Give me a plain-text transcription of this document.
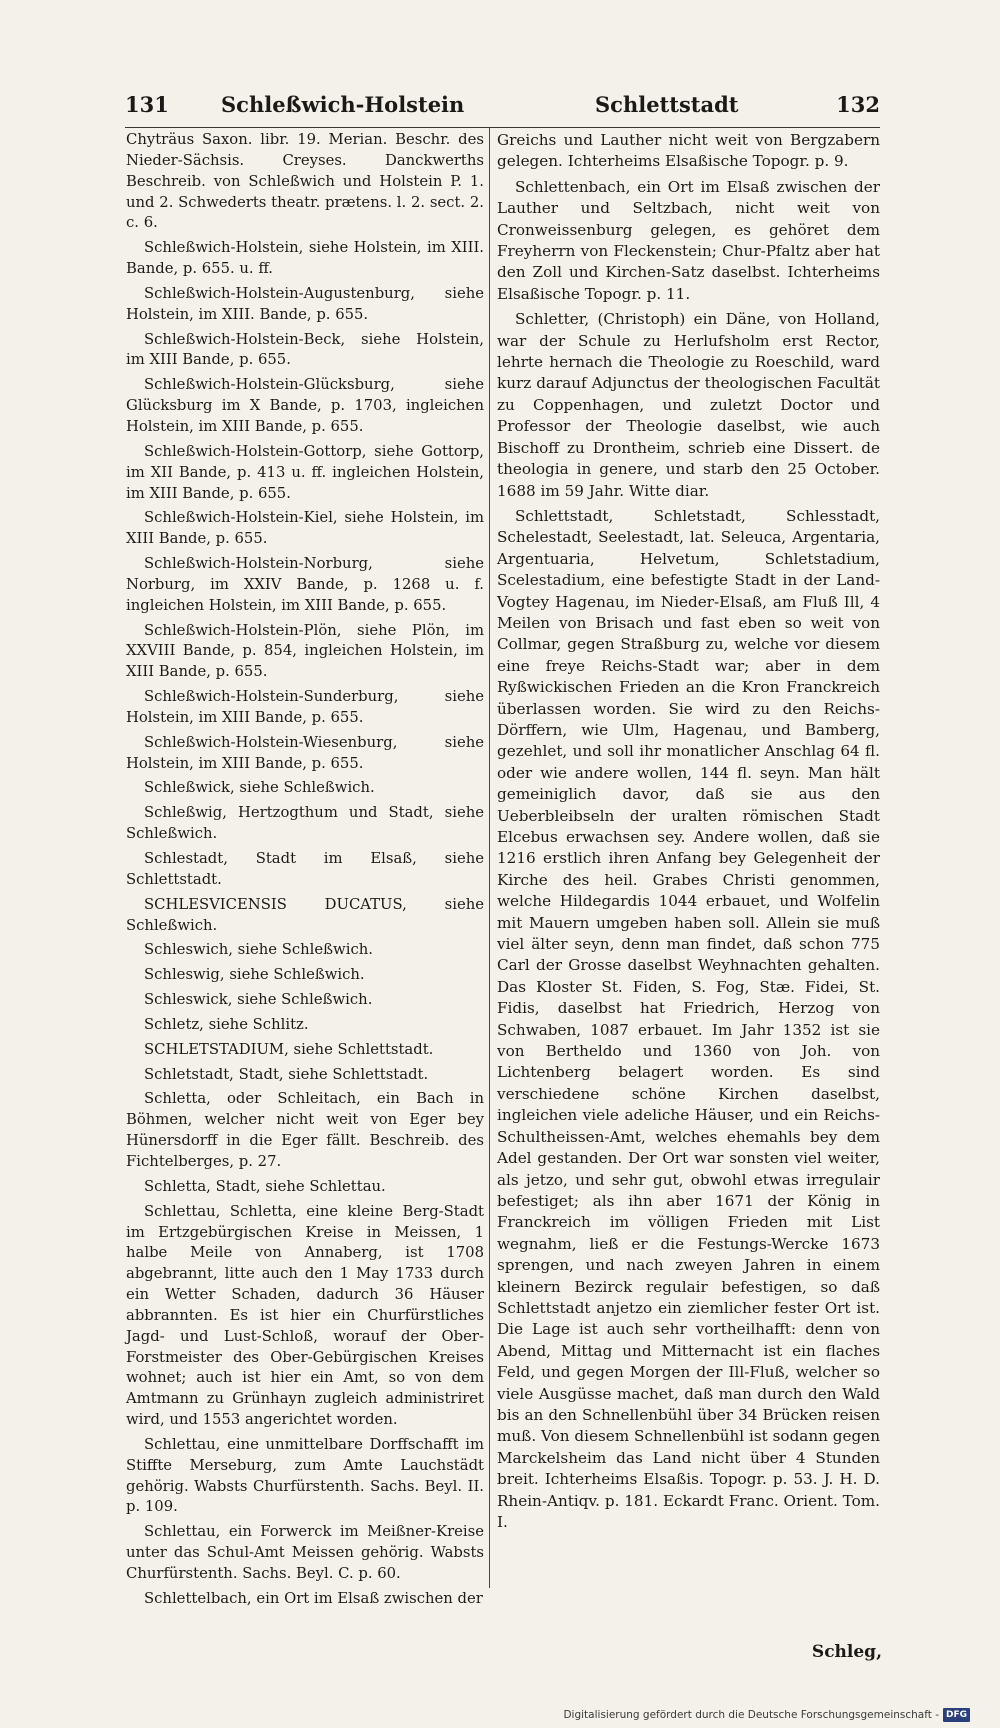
131 Schleßwich-Holstein	Schlettstadt	132

Chyträus Saxon. libr. 19. Merian. Beschr. des Nieder-Sächsis. Creyses. Danckwerths Beschreib. von Schleßwich und Holstein P. 1. und 2. Schwederts theatr. prætens. l. 2. sect. 2. c. 6.

Schleßwich-Holstein, siehe Holstein, im XIII. Bande, p. 655. u. ff.

Schleßwich-Holstein-Augustenburg, siehe Holstein, im XIII. Bande, p. 655.

Schleßwich-Holstein-Beck, siehe Holstein, im XIII Bande, p. 655.

Schleßwich-Holstein-Glücksburg, siehe Glücksburg im X Bande, p. 1703, ingleichen Holstein, im XIII Bande, p. 655.

Schleßwich-Holstein-Gottorp, siehe Gottorp, im XII Bande, p. 413 u. ff. ingleichen Holstein, im XIII Bande, p. 655.

Schleßwich-Holstein-Kiel, siehe Holstein, im XIII Bande, p. 655.

Schleßwich-Holstein-Norburg, siehe Norburg, im XXIV Bande, p. 1268 u. f. ingleichen Holstein, im XIII Bande, p. 655.

Schleßwich-Holstein-Plön, siehe Plön, im XXVIII Bande, p. 854, ingleichen Holstein, im XIII Bande, p. 655.

Schleßwich-Holstein-Sunderburg, siehe Holstein, im XIII Bande, p. 655.

Schleßwich-Holstein-Wiesenburg, siehe Holstein, im XIII Bande, p. 655.

Schleßwick, siehe Schleßwich.

Schleßwig, Hertzogthum und Stadt, siehe Schleßwich.

Schlestadt, Stadt im Elsaß, siehe Schlettstadt.

SCHLESVICENSIS DUCATUS, siehe Schleßwich.

Schleswich, siehe Schleßwich.

Schleswig, siehe Schleßwich.

Schleswick, siehe Schleßwich.

Schletz, siehe Schlitz.

SCHLETSTADIUM, siehe Schlettstadt.

Schletstadt, Stadt, siehe Schlettstadt.

Schletta, oder Schleitach, ein Bach in Böhmen, welcher nicht weit von Eger bey Hünersdorff in die Eger fällt. Beschreib. des Fichtelberges, p. 27.

Schletta, Stadt, siehe Schlettau.

Schlettau, Schletta, eine kleine Berg-Stadt im Ertzgebürgischen Kreise in Meissen, 1 halbe Meile von Annaberg, ist 1708 abgebrannt, litte auch den 1 May 1733 durch ein Wetter Schaden, dadurch 36 Häuser abbrannten. Es ist hier ein Churfürstliches Jagd- und Lust-Schloß, worauf der Ober-Forstmeister des Ober-Gebürgischen Kreises wohnet; auch ist hier ein Amt, so von dem Amtmann zu Grünhayn zugleich administriret wird, und 1553 angerichtet worden.

Schlettau, eine unmittelbare Dorffschafft im Stiffte Merseburg, zum Amte Lauchstädt gehörig. Wabsts Churfürstenth. Sachs. Beyl. II. p. 109.

Schlettau, ein Forwerck im Meißner-Kreise unter das Schul-Amt Meissen gehörig. Wabsts Churfürstenth. Sachs. Beyl. C. p. 60.

Schlettelbach, ein Ort im Elsaß zwischen der

Greichs und Lauther nicht weit von Bergzabern gelegen. Ichterheims Elsaßische Topogr. p. 9.

Schlettenbach, ein Ort im Elsaß zwischen der Lauther und Seltzbach, nicht weit von Cronweissenburg gelegen, es gehöret dem Freyherrn von Fleckenstein; Chur-Pfaltz aber hat den Zoll und Kirchen-Satz daselbst. Ichterheims Elsaßische Topogr. p. 11.

Schletter, (Christoph) ein Däne, von Holland, war der Schule zu Herlufsholm erst Rector, lehrte hernach die Theologie zu Roeschild, ward kurz darauf Adjunctus der theologischen Facultät zu Coppenhagen, und zuletzt Doctor und Professor der Theologie daselbst, wie auch Bischoff zu Drontheim, schrieb eine Dissert. de theologia in genere, und starb den 25 October. 1688 im 59 Jahr. Witte diar.

Schlettstadt, Schletstadt, Schlesstadt, Schelestadt, Seelestadt, lat. Seleuca, Argentaria, Argentuaria, Helvetum, Schletstadium, Scelestadium, eine befestigte Stadt in der Land-Vogtey Hagenau, im Nieder-Elsaß, am Fluß Ill, 4 Meilen von Brisach und fast eben so weit von Collmar, gegen Straßburg zu, welche vor diesem eine freye Reichs-Stadt war; aber in dem Ryßwickischen Frieden an die Kron Franckreich überlassen worden. Sie wird zu den Reichs-Dörffern, wie Ulm, Hagenau, und Bamberg, gezehlet, und soll ihr monatlicher Anschlag 64 fl. oder wie andere wollen, 144 fl. seyn. Man hält gemeiniglich davor, daß sie aus den Ueberbleibseln der uralten römischen Stadt Elcebus erwachsen sey. Andere wollen, daß sie 1216 erstlich ihren Anfang bey Gelegenheit der Kirche des heil. Grabes Christi genommen, welche Hildegardis 1044 erbauet, und Wolfelin mit Mauern umgeben haben soll. Allein sie muß viel älter seyn, denn man findet, daß schon 775 Carl der Grosse daselbst Weyhnachten gehalten. Das Kloster St. Fiden, S. Fog, Stæ. Fidei, St. Fidis, daselbst hat Friedrich, Herzog von Schwaben, 1087 erbauet. Im Jahr 1352 ist sie von Bertheldo und 1360 von Joh. von Lichtenberg belagert worden. Es sind verschiedene schöne Kirchen daselbst, ingleichen viele adeliche Häuser, und ein Reichs-Schultheissen-Amt, welches ehemahls bey dem Adel gestanden. Der Ort war sonsten viel weiter, als jetzo, und sehr gut, obwohl etwas irregulair befestiget; als ihn aber 1671 der König in Franckreich im völligen Frieden mit List wegnahm, ließ er die Festungs-Wercke 1673 sprengen, und nach zweyen Jahren in einem kleinern Bezirck regulair befestigen, so daß Schlettstadt anjetzo ein ziemlicher fester Ort ist. Die Lage ist auch sehr vortheilhafft: denn von Abend, Mittag und Mitternacht ist ein flaches Feld, und gegen Morgen der Ill-Fluß, welcher so viele Ausgüsse machet, daß man durch den Wald bis an den Schnellenbühl über 34 Brücken reisen muß. Von diesem Schnellenbühl ist sodann gegen Marckelsheim das Land nicht über 4 Stunden breit. Ichterheims Elsaßis. Topogr. p. 53. J. H. D. Rhein-Antiqv. p. 181. Eckardt Franc. Orient. Tom. I.

Schleg,
Digitalisierung gefördert durch die Deutsche Forschungsgemeinschaft - DFG
